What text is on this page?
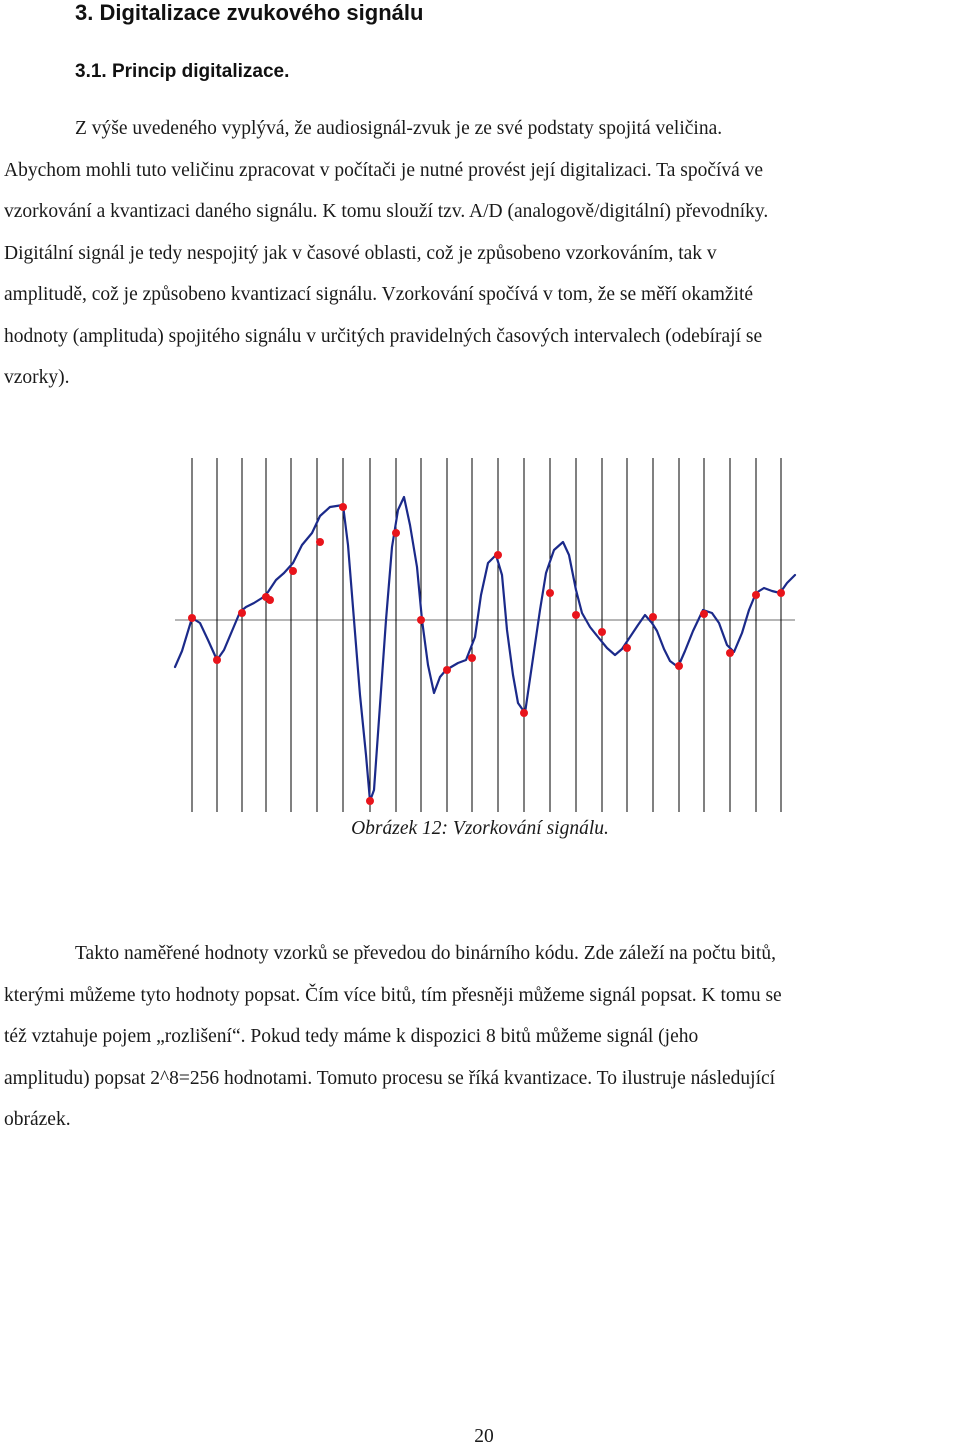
3. Digitalizace zvukového signálu
3.1. Princip digitalizace.
Z výše uvedeného vyplývá, že audiosignál-zvuk je ze své podstaty spojitá veličina.
Abychom mohli tuto veličinu zpracovat v počítači je nutné provést její digitalizaci. Ta spočívá ve
vzorkování a kvantizaci daného signálu. K tomu slouží tzv. A/D (analogově/digitální) převodníky.
Digitální signál je tedy nespojitý jak v časové oblasti, což je způsobeno vzorkováním, tak v
amplitudě, což je způsobeno kvantizací signálu. Vzorkování spočívá v tom, že se měří okamžité
hodnoty (amplituda) spojitého signálu v určitých pravidelných časových intervalech (odebírají se
vzorky).
Obrázek 12: Vzorkování signálu.
Takto naměřené hodnoty vzorků se převedou do binárního kódu. Zde záleží na počtu bitů,
kterými můžeme tyto hodnoty popsat. Čím více bitů, tím přesněji můžeme signál popsat. K tomu se
též vztahuje pojem „rozlišení“. Pokud tedy máme k dispozici 8 bitů můžeme signál (jeho
amplitudu) popsat 2^8=256 hodnotami. Tomuto procesu se říká kvantizace. To ilustruje následující
obrázek.
20
